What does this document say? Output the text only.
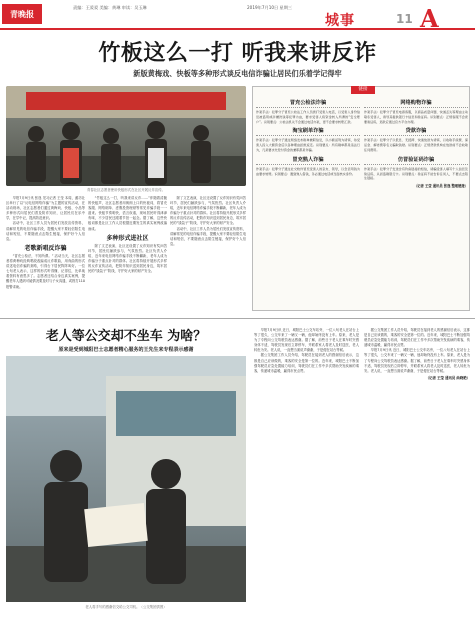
青晚报
责编：王爱爱 美编：黄琳 审读：吴玉琳	2019年7月10日 星期三
城事	11 A
竹板这么一打 听我来讲反诈
新版黄梅戏、快板等多种形式谈反电信诈骗让居民们乐着学记得牢
青春社区志愿者使用快板形式在社区开展反诈宣传。

早报7月9日讯 张逸 见习记者 王莹 本周，潍坊社区举行了以“反电信网络诈骗”为主题的宣传活动，在活动现场，社区志愿者们通过黄梅戏、快板、小品等多种形式向居民们普及防诈知识，让居民们在乐中学，在学中记，提高防范意识。

活动中，社区工作人员为居民们发放宣传资料，讲解常见的电信诈骗手段，提醒大家不要轻信陌生电话和短信，不要随意点击陌生链接，保护好个人信息。

老歌新唱反诈骗

“冒充公检法，不知所谓。” 活动当天，社区志愿者将黄梅戏经典唱段改编成反诈歌曲，用戏曲的形式讲述电信诈骗的套路，引得台下居民阵阵叫好。一位七旬老人表示，这样的形式听得懂、记得住，比单纯看资料有意思多了。志愿者还结合身边真实案例，提醒老年人遇到可疑情况要及时与子女沟通，或拨打110报警求助。

“竹板这么一打，听我来讲反诈……”伴随着清脆的快板声，社区志愿者用朗朗上口的快板词，将冒充客服、网络刷单、虚假投资理财等常见诈骗手段一一道来。快板节奏明快，语言诙谐，现场居民听得津津有味，不少居民还跟着节拍一起念。据了解，这些快板词都是社区工作人员根据近期发生的真实案例改编而成。

多种形式进社区

除了文艺表演，社区还设置了反诈知识有奖问答环节，居民们踊跃参与，气氛热烈。社区负责人介绍，近年来电信网络诈骗手段不断翻新，老年人成为诈骗分子重点针对的群体。社区将持续开展形式多样的反诈宣传活动，把防诈知识送到居民身边，筑牢居民的“钱袋子”防线，守护好大家的财产安全。

除了文艺表演，社区还设置了反诈知识有奖问答环节，居民们踊跃参与，气氛热烈。社区负责人介绍，近年来电信网络诈骗手段不断翻新，老年人成为诈骗分子重点针对的群体。社区将持续开展形式多样的反诈宣传活动，把防诈知识送到居民身边，筑牢居民的“钱袋子”防线，守护好大家的财产安全。

活动中，社区工作人员为居民们发放宣传资料，讲解常见的电信诈骗手段，提醒大家不要轻信陌生电话和短信，不要随意点击陌生链接，保护好个人信息。

链接
冒充公检法诈骗
作案手法：犯罪分子冒充公检法工作人员拨打受害人电话，以受害人身份信息被盗用或涉嫌洗钱等犯罪为由，要求受害人将资金转入所谓的“安全账户”。识别要点：公检法机关不会通过电话办案，更不会要求转账汇款。
淘宝刷单诈骗
作案手法：犯罪分子通过网络发布刷单兼职信息，以小额返利为诱饵，待受害人投入大额资金后以各种理由拒绝返还。识别要点：所有刷单都是违法行为，凡是要求先垫付资金的兼职都是诈骗。
冒充熟人诈骗
作案手法：犯罪分子通过社交软件冒充受害人的亲友、领导，以急需用钱为由要求转账。识别要点：遇到熟人借钱，务必通过电话或当面核实身份。
网络购物诈骗
作案手法：犯罪分子冒充电商客服，以商品质量问题、快递丢失等理由主动联系受害人，诱导其提供银行卡信息和验证码。识别要点：正规客服不会索要验证码，退款应通过官方平台办理。
贷款诈骗
作案手法：犯罪分子以低息、无抵押、快速放款为诱饵，以收取手续费、保证金、解冻费等名义骗取钱财。识别要点：正规贷款机构在放款前不会收取任何费用。
仿冒验证码诈骗
作案手法：犯罪分子发送含有钓鱼链接的短信，诱骗受害人填写个人信息及验证码，从而盗刷银行卡。识别要点：验证码不能告诉任何人，不要点击陌生链接。
（记者 王莹 通讯员 张逸 整理链接）
老人等公交却不坐车 为啥？
原来是受到城阳巴士志愿者精心服务的王先生来专程表示感谢
老人将手写的感谢信交给公交司机。（公交集团供图）

早报7月9日讯 近日，城阳巴士公交车站旁，一位八旬老人在站台上等了很久，公交车来了一辆又一辆，他却始终没有上车。原来，老人是为了专程向公交驾驶员表达感谢。据了解，前些日子老人在乘车时突感身体不适，驾驶员发现后立即停车，并联系家人将老人及时送医，老人转危为安。老人说，一直想当面说声谢谢，于是便在站台等候。

据公交集团工作人员介绍，驾驶员在接到老人的感谢信后表示，这都是自己应该做的，乘客的安全是第一位的。近年来，城阳巴士不断加强驾驶员应急处置能力培训，驾驶员们在工作中多次帮助突发疾病的乘客，传递城市温暖，赢得市民点赞。

据公交集团工作人员介绍，驾驶员在接到老人的感谢信后表示，这都是自己应该做的，乘客的安全是第一位的。近年来，城阳巴士不断加强驾驶员应急处置能力培训，驾驶员们在工作中多次帮助突发疾病的乘客，传递城市温暖，赢得市民点赞。

早报7月9日讯 近日，城阳巴士公交车站旁，一位八旬老人在站台上等了很久，公交车来了一辆又一辆，他却始终没有上车。原来，老人是为了专程向公交驾驶员表达感谢。据了解，前些日子老人在乘车时突感身体不适，驾驶员发现后立即停车，并联系家人将老人及时送医，老人转危为安。老人说，一直想当面说声谢谢，于是便在站台等候。

（记者 王莹 通讯员 曲晓艳）
